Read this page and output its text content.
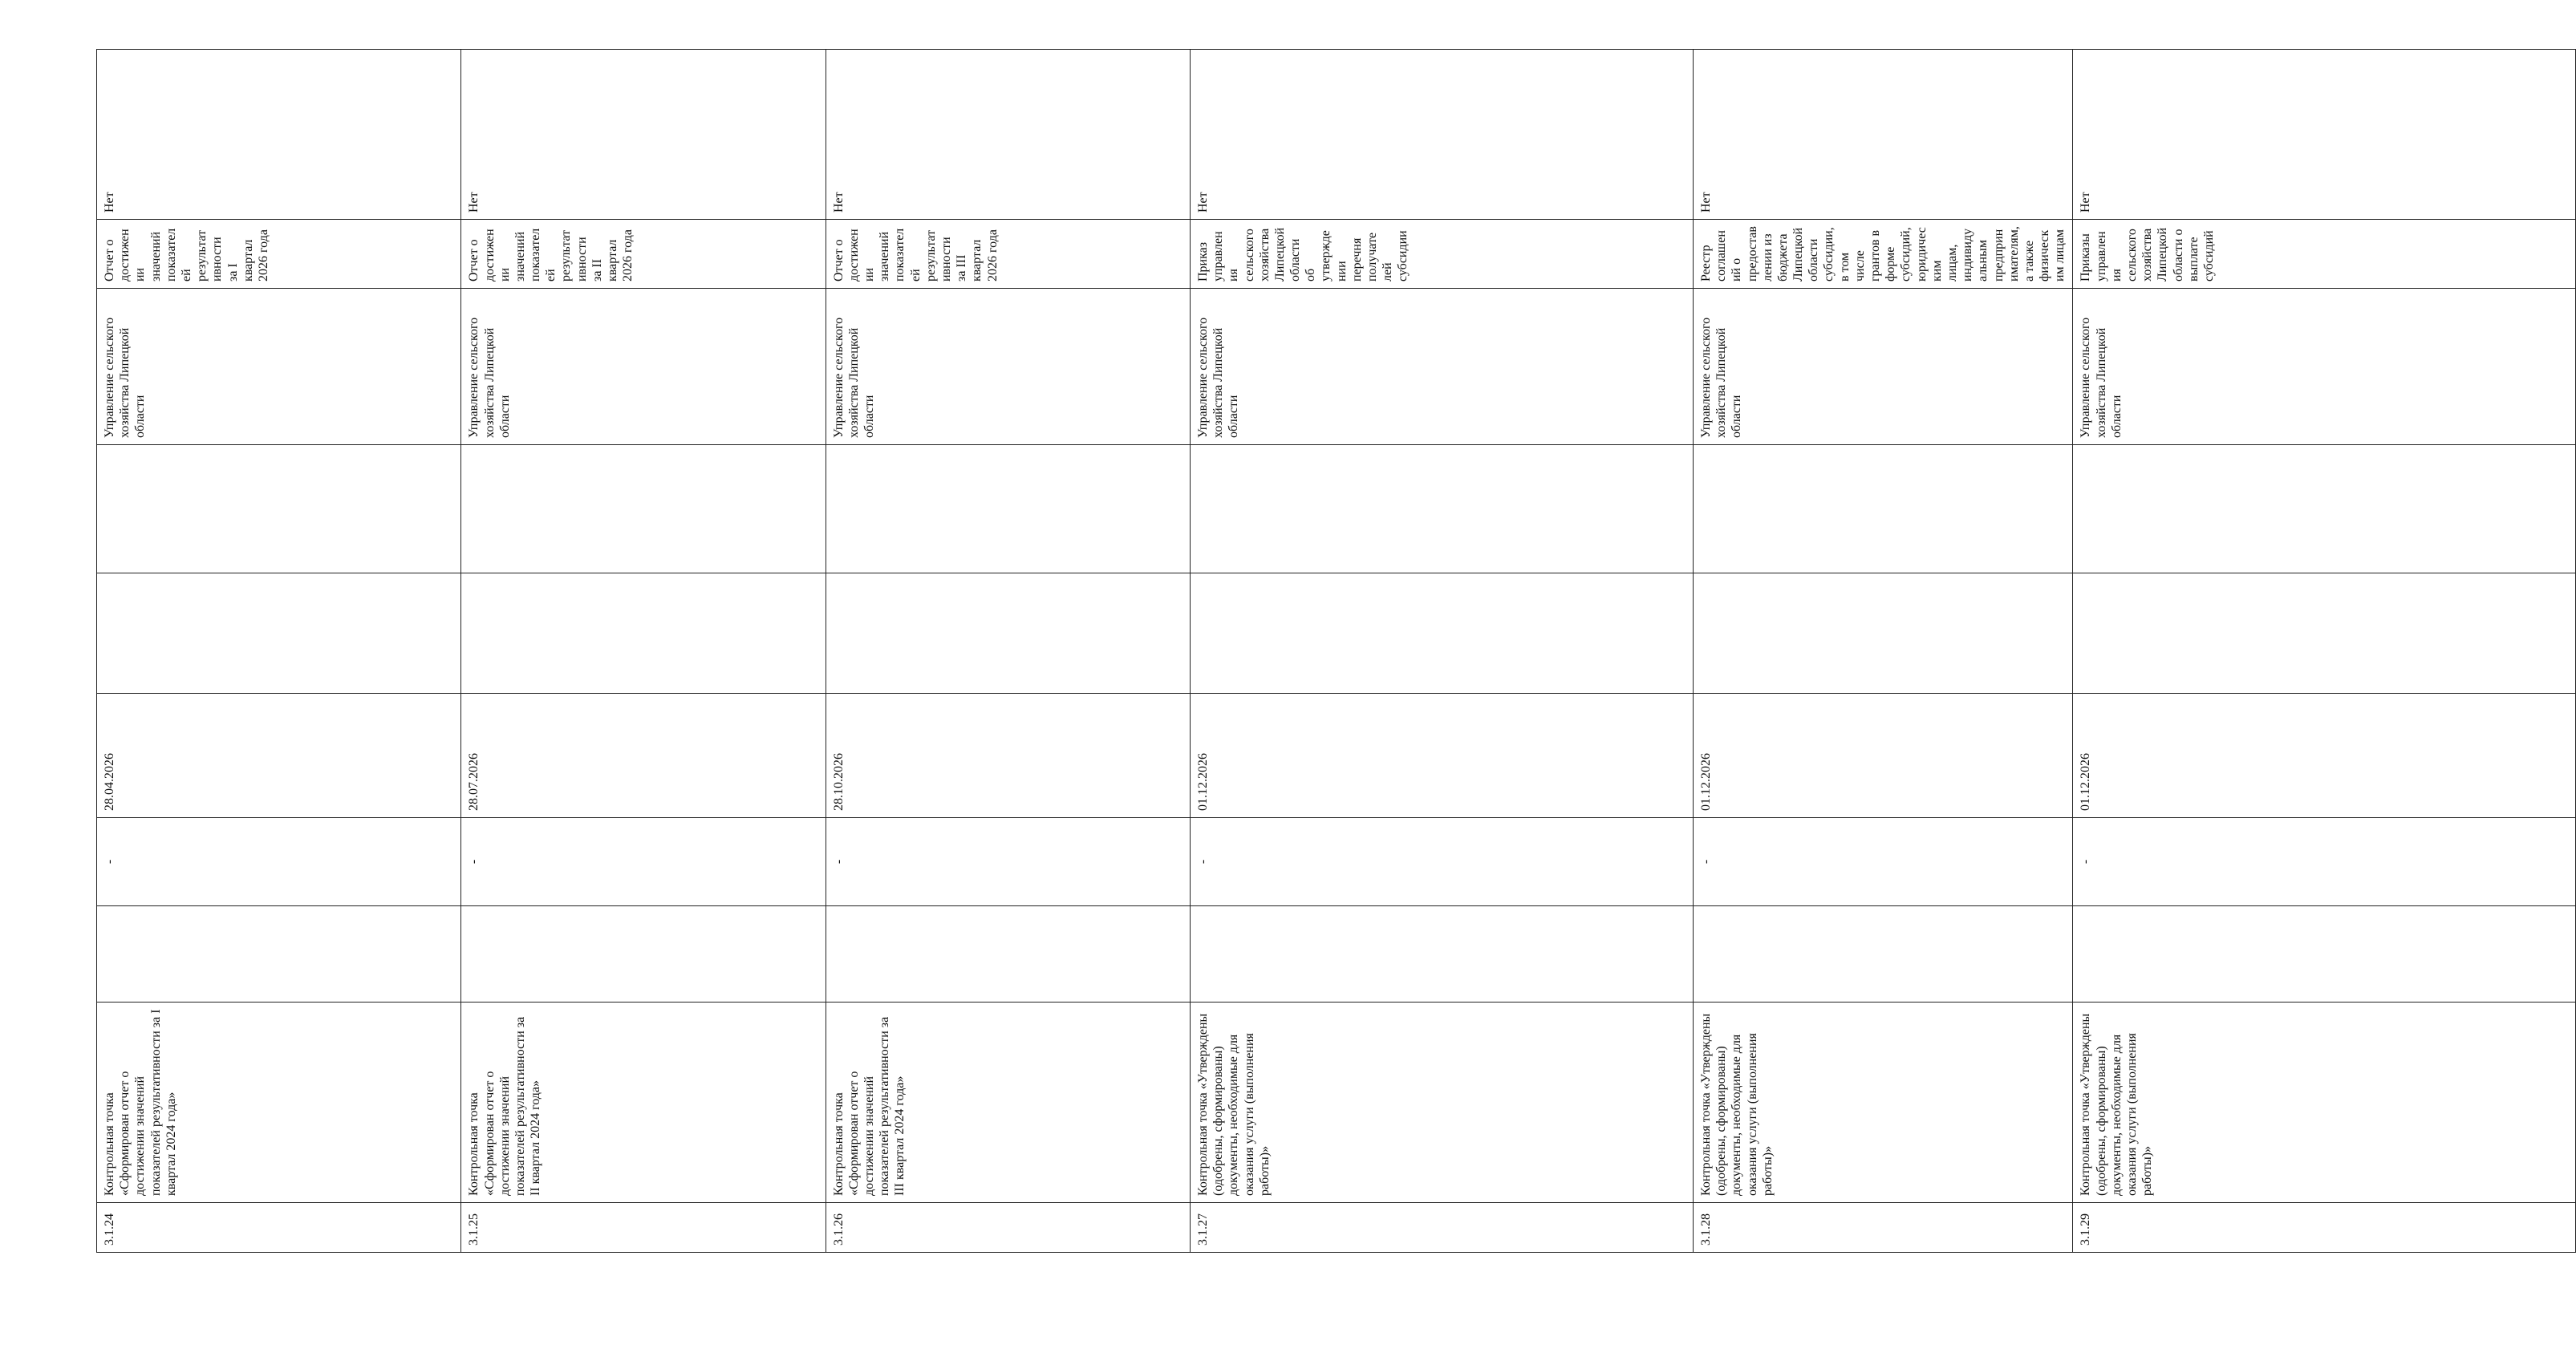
3.1.24	Контрольная точка «Сформирован отчет о достижении значений показателей результативности за I квартал 2024 года»		-	28.04.2026			Управление сельского хозяйства Липецкой области	Отчет о достижении значений показателей результативности за I квартал 2026 года	Нет	
3.1.25	Контрольная точка «Сформирован отчет о достижении значений показателей результативности за II квартал 2024 года»		-	28.07.2026			Управление сельского хозяйства Липецкой области	Отчет о достижении значений показателей результативности за II квартал 2026 года	Нет	
3.1.26	Контрольная точка «Сформирован отчет о достижении значений показателей результативности за III квартал 2024 года»		-	28.10.2026			Управление сельского хозяйства Липецкой области	Отчет о достижении значений показателей результативности за III квартал 2026 года	Нет	
3.1.27	Контрольная точка «Утверждены (одобрены, сформированы) документы, необходимые для оказания услуги (выполнения работы)»		-	01.12.2026			Управление сельского хозяйства Липецкой области	Приказ управления сельского хозяйства Липецкой области об утверждении перечня получателей субсидии	Нет	
3.1.28	Контрольная точка «Утверждены (одобрены, сформированы) документы, необходимые для оказания услуги (выполнения работы)»		-	01.12.2026			Управление сельского хозяйства Липецкой области	Реестр соглашений о предоставлении из бюджета Липецкой области субсидии, в том числе грантов в форме субсидий, юридическим лицам, индивидуальным предпринимателям, а также физическим лицам	Нет	
3.1.29	Контрольная точка «Утверждены (одобрены, сформированы) документы, необходимые для оказания услуги (выполнения работы)»		-	01.12.2026			Управление сельского хозяйства Липецкой области	Приказы управления сельского хозяйства Липецкой области о выплате субсидий	Нет	
